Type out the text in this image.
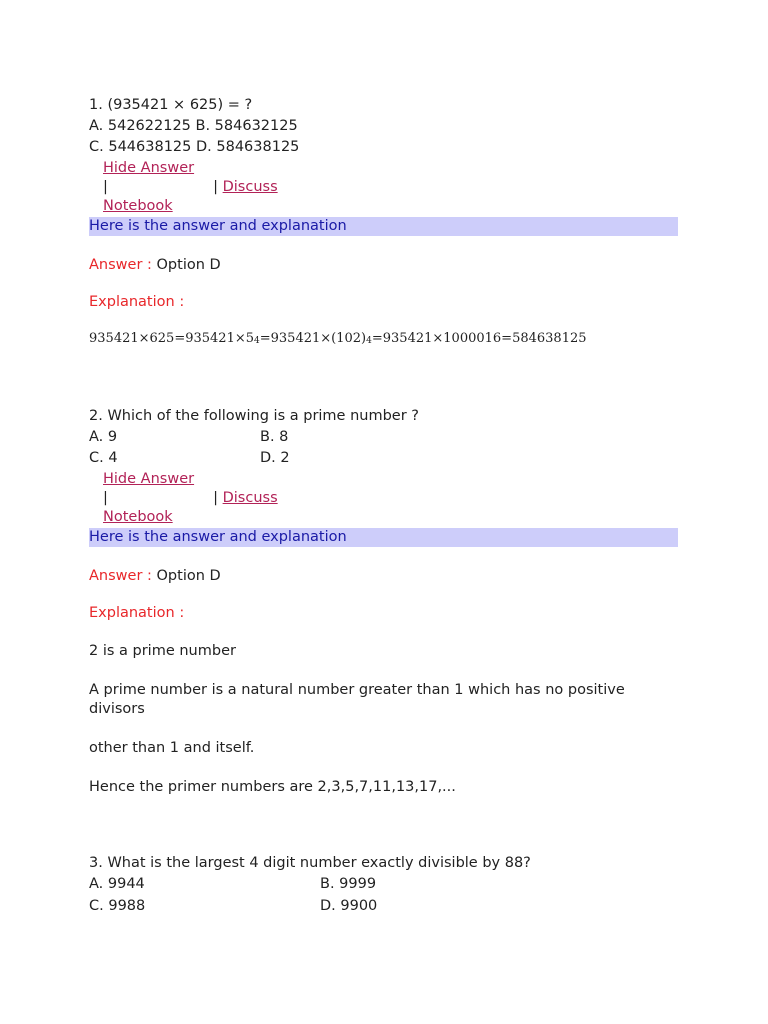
1. (935421 × 625) = ?
A. 542622125 B. 584632125
C. 544638125 D. 584638125
Hide Answer
|	| Discuss
Notebook
Here is the answer and explanation
Answer : Option D
Explanation :
$935421\times 625=935421\times 5_4=935421\times(102)_4=935421\times 1000016=584638125$
2. Which of the following is a prime number ?
A. 9	B. 8
C. 4	D. 2
Hide Answer
|	| Discuss
Notebook
Here is the answer and explanation
Answer : Option D
Explanation :
2 is a prime number
A prime number is a natural number greater than 1 which has no positive
divisors
other than 1 and itself.
Hence the primer numbers are 2,3,5,7,11,13,17,...
3. What is the largest 4 digit number exactly divisible by 88?
A. 9944	B. 9999
C. 9988	D. 9900
